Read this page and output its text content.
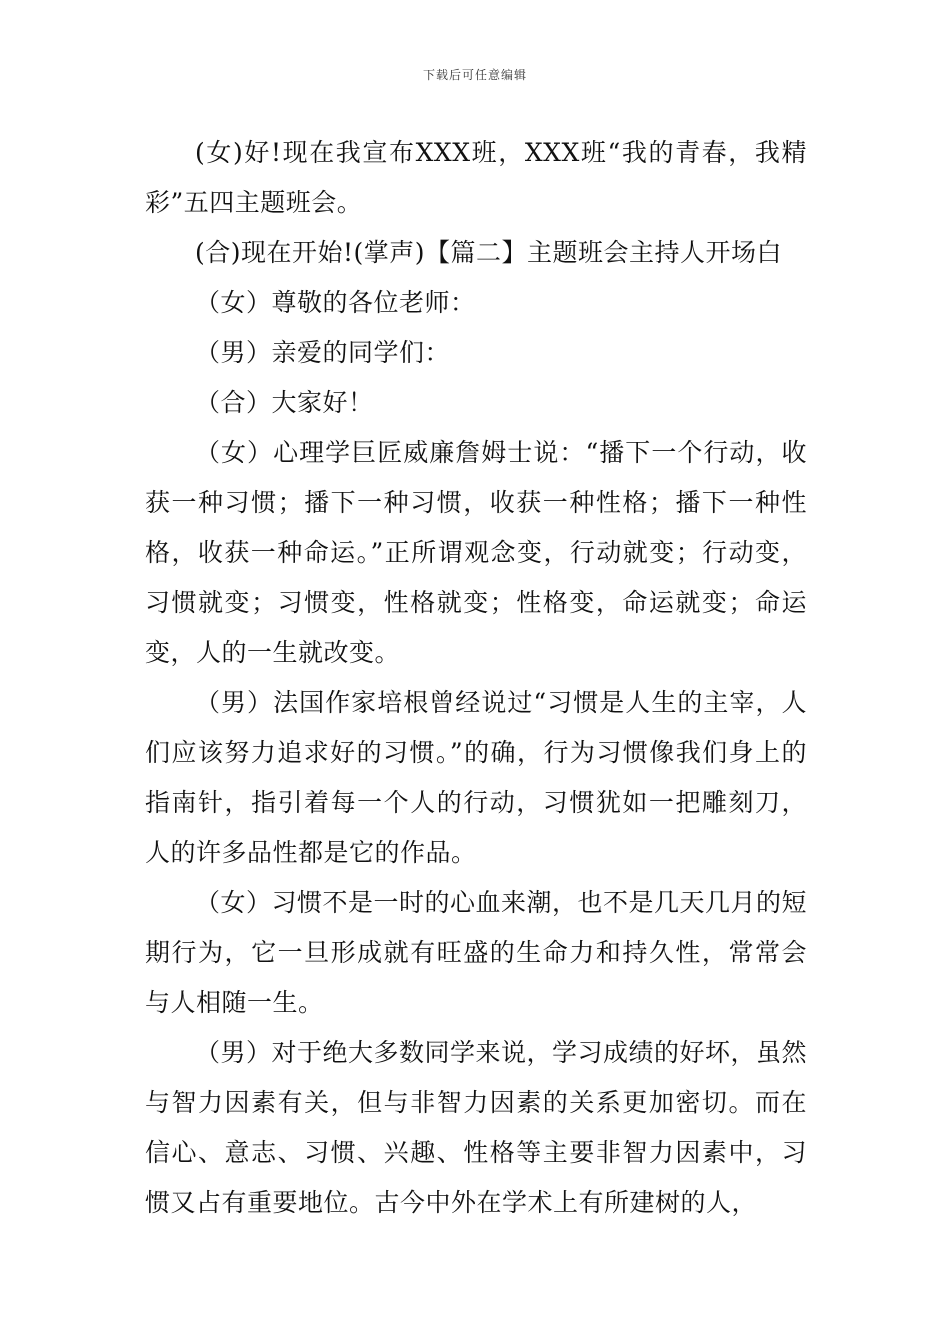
下载后可任意编辑

(女)好!现在我宣布XXX班，XXX班“我的青春，我精彩”五四主题班会。

(合)现在开始!(掌声)【篇二】主题班会主持人开场白

（女）尊敬的各位老师：

（男）亲爱的同学们：

（合）大家好！

（女）心理学巨匠威廉詹姆士说：“播下一个行动，收获一种习惯；播下一种习惯，收获一种性格；播下一种性格，收获一种命运。”正所谓观念变，行动就变；行动变，习惯就变；习惯变，性格就变；性格变，命运就变；命运变，人的一生就改变。

（男）法国作家培根曾经说过“习惯是人生的主宰，人们应该努力追求好的习惯。”的确，行为习惯像我们身上的指南针，指引着每一个人的行动，习惯犹如一把雕刻刀，人的许多品性都是它的作品。

（女）习惯不是一时的心血来潮，也不是几天几月的短期行为，它一旦形成就有旺盛的生命力和持久性，常常会与人相随一生。

（男）对于绝大多数同学来说，学习成绩的好坏，虽然与智力因素有关，但与非智力因素的关系更加密切。而在信心、意志、习惯、兴趣、性格等主要非智力因素中，习惯又占有重要地位。古今中外在学术上有所建树的人，
